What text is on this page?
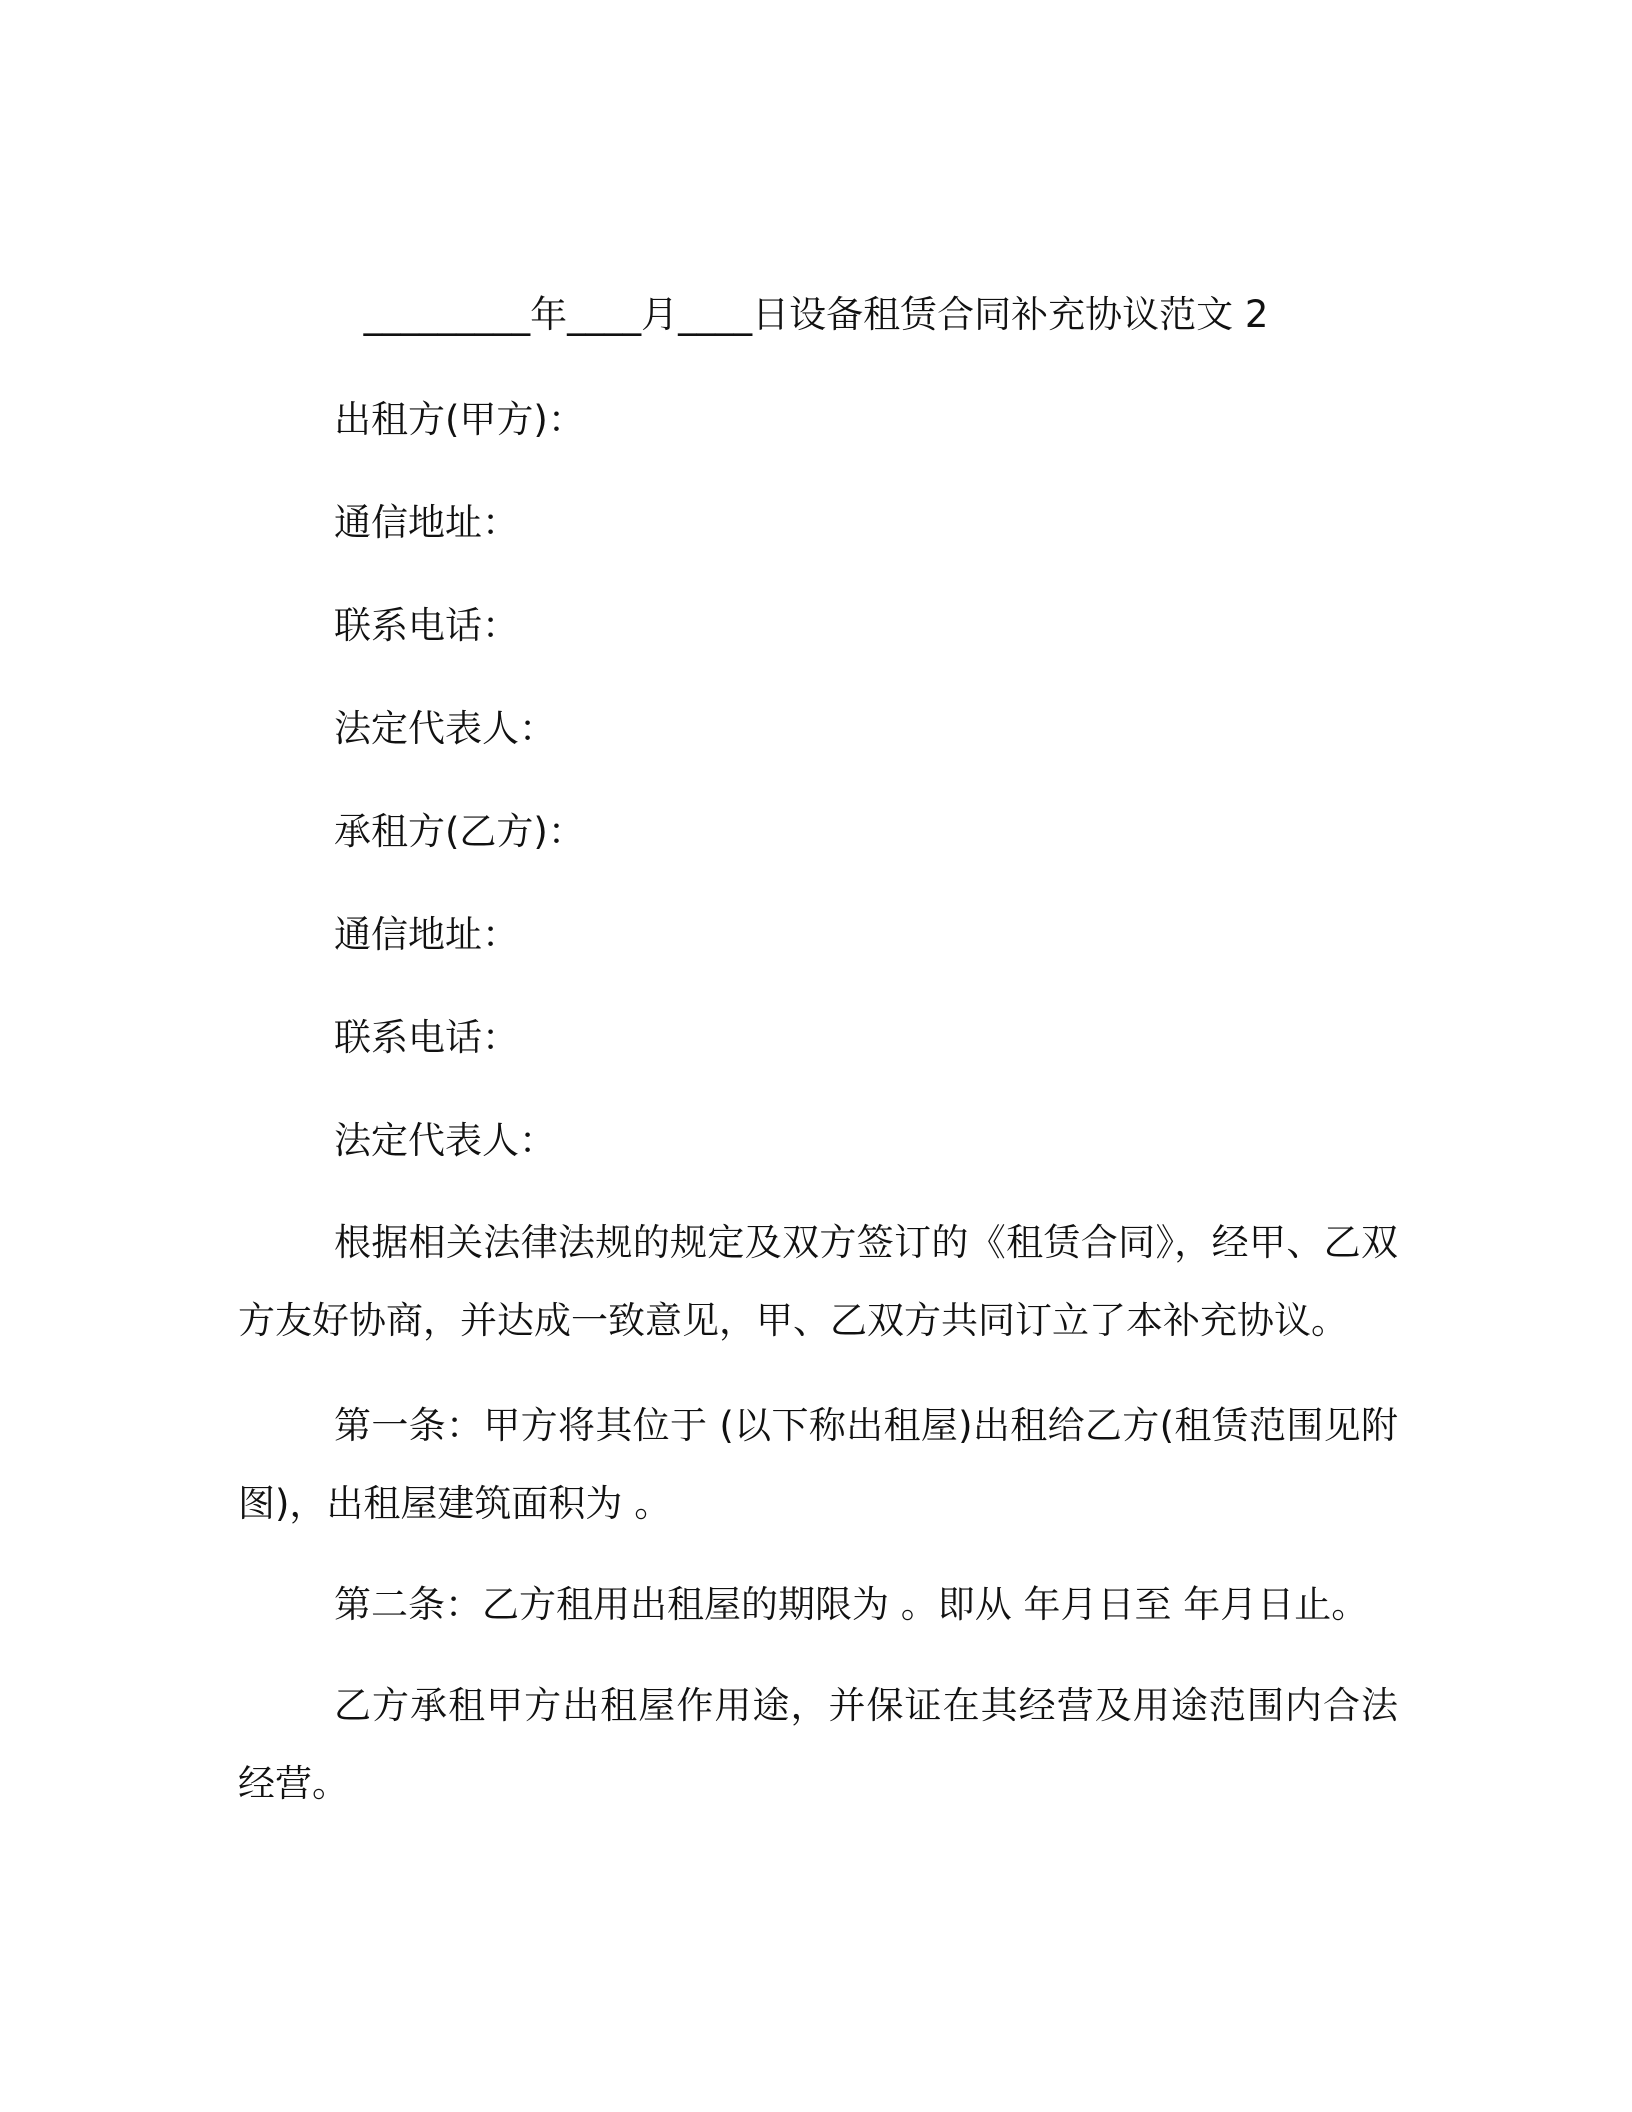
_________年____月____日设备租赁合同补充协议范文 2
出租方(甲方)：
通信地址：
联系电话：
法定代表人：
承租方(乙方)：
通信地址：
联系电话：
法定代表人：

根据相关法律法规的规定及双方签订的《租赁合同》，经甲、乙双方友好协商，并达成一致意见，甲、乙双方共同订立了本补充协议。

第一条：甲方将其位于 (以下称出租屋)出租给乙方(租赁范围见附图)，出租屋建筑面积为 。

第二条：乙方租用出租屋的期限为 。即从 年月日至 年月日止。

乙方承租甲方出租屋作用途，并保证在其经营及用途范围内合法经营。
